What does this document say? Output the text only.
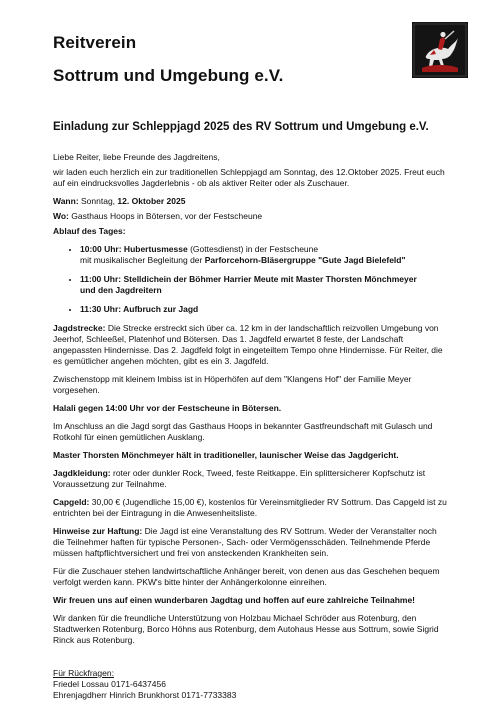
Reitverein
Sottrum und Umgebung e.V.
Einladung zur Schleppjagd 2025 des RV Sottrum und Umgebung e.V.

Liebe Reiter, liebe Freunde des Jagdreitens,

wir laden euch herzlich ein zur traditionellen Schleppjagd am Sonntag, des 12.Oktober 2025. Freut euch auf ein eindrucksvolles Jagderlebnis - ob als aktiver Reiter oder als Zuschauer.

Wann: Sonntag, 12. Oktober 2025

Wo: Gasthaus Hoops in Bötersen, vor der Festscheune

Ablauf des Tages:

• 10:00 Uhr: Hubertusmesse (Gottesdienst) in der Festscheune
mit musikalischer Begleitung der Parforcehorn-Bläsergruppe "Gute Jagd Bielefeld"
• 11:00 Uhr: Stelldichein der Böhmer Harrier Meute mit Master Thorsten Mönchmeyer
und den Jagdreitern
• 11:30 Uhr: Aufbruch zur Jagd

Jagdstrecke: Die Strecke erstreckt sich über ca. 12 km in der landschaftlich reizvollen Umgebung von Jeerhof, Schleeßel, Platenhof und Bötersen. Das 1. Jagdfeld erwartet 8 feste, der Landschaft angepassten Hindernisse. Das 2. Jagdfeld folgt in eingeteiltem Tempo ohne Hindernisse. Für Reiter, die es gemütlicher angehen möchten, gibt es ein 3. Jagdfeld.

Zwischenstopp mit kleinem Imbiss ist in Höperhöfen auf dem "Klangens Hof" der Familie Meyer vorgesehen.

Halali gegen 14:00 Uhr vor der Festscheune in Bötersen.

Im Anschluss an die Jagd sorgt das Gasthaus Hoops in bekannter Gastfreundschaft mit Gulasch und Rotkohl für einen gemütlichen Ausklang.

Master Thorsten Mönchmeyer hält in traditioneller, launischer Weise das Jagdgericht.

Jagdkleidung: roter oder dunkler Rock, Tweed, feste Reitkappe. Ein splittersicherer Kopfschutz ist Voraussetzung zur Teilnahme.

Capgeld: 30,00 € (Jugendliche 15,00 €), kostenlos für Vereinsmitglieder RV Sottrum. Das Capgeld ist zu entrichten bei der Eintragung in die Anwesenheitsliste.

Hinweise zur Haftung: Die Jagd ist eine Veranstaltung des RV Sottrum. Weder der Veranstalter noch die Teilnehmer haften für typische Personen-, Sach- oder Vermögensschäden. Teilnehmende Pferde müssen haftpflichtversichert und frei von ansteckenden Krankheiten sein.

Für die Zuschauer stehen landwirtschaftliche Anhänger bereit, von denen aus das Geschehen bequem verfolgt werden kann. PKW's bitte hinter der Anhängerkolonne einreihen.

Wir freuen uns auf einen wunderbaren Jagdtag und hoffen auf eure zahlreiche Teilnahme!

Wir danken für die freundliche Unterstützung von Holzbau Michael Schröder aus Rotenburg, den Stadtwerken Rotenburg, Borco Höhns aus Rotenburg, dem Autohaus Hesse aus Sottrum, sowie Sigrid Rinck aus Rotenburg.

Für Rückfragen:

Friedel Lossau 0171-6437456

Ehrenjagdherr Hinrich Brunkhorst 0171-7733383
